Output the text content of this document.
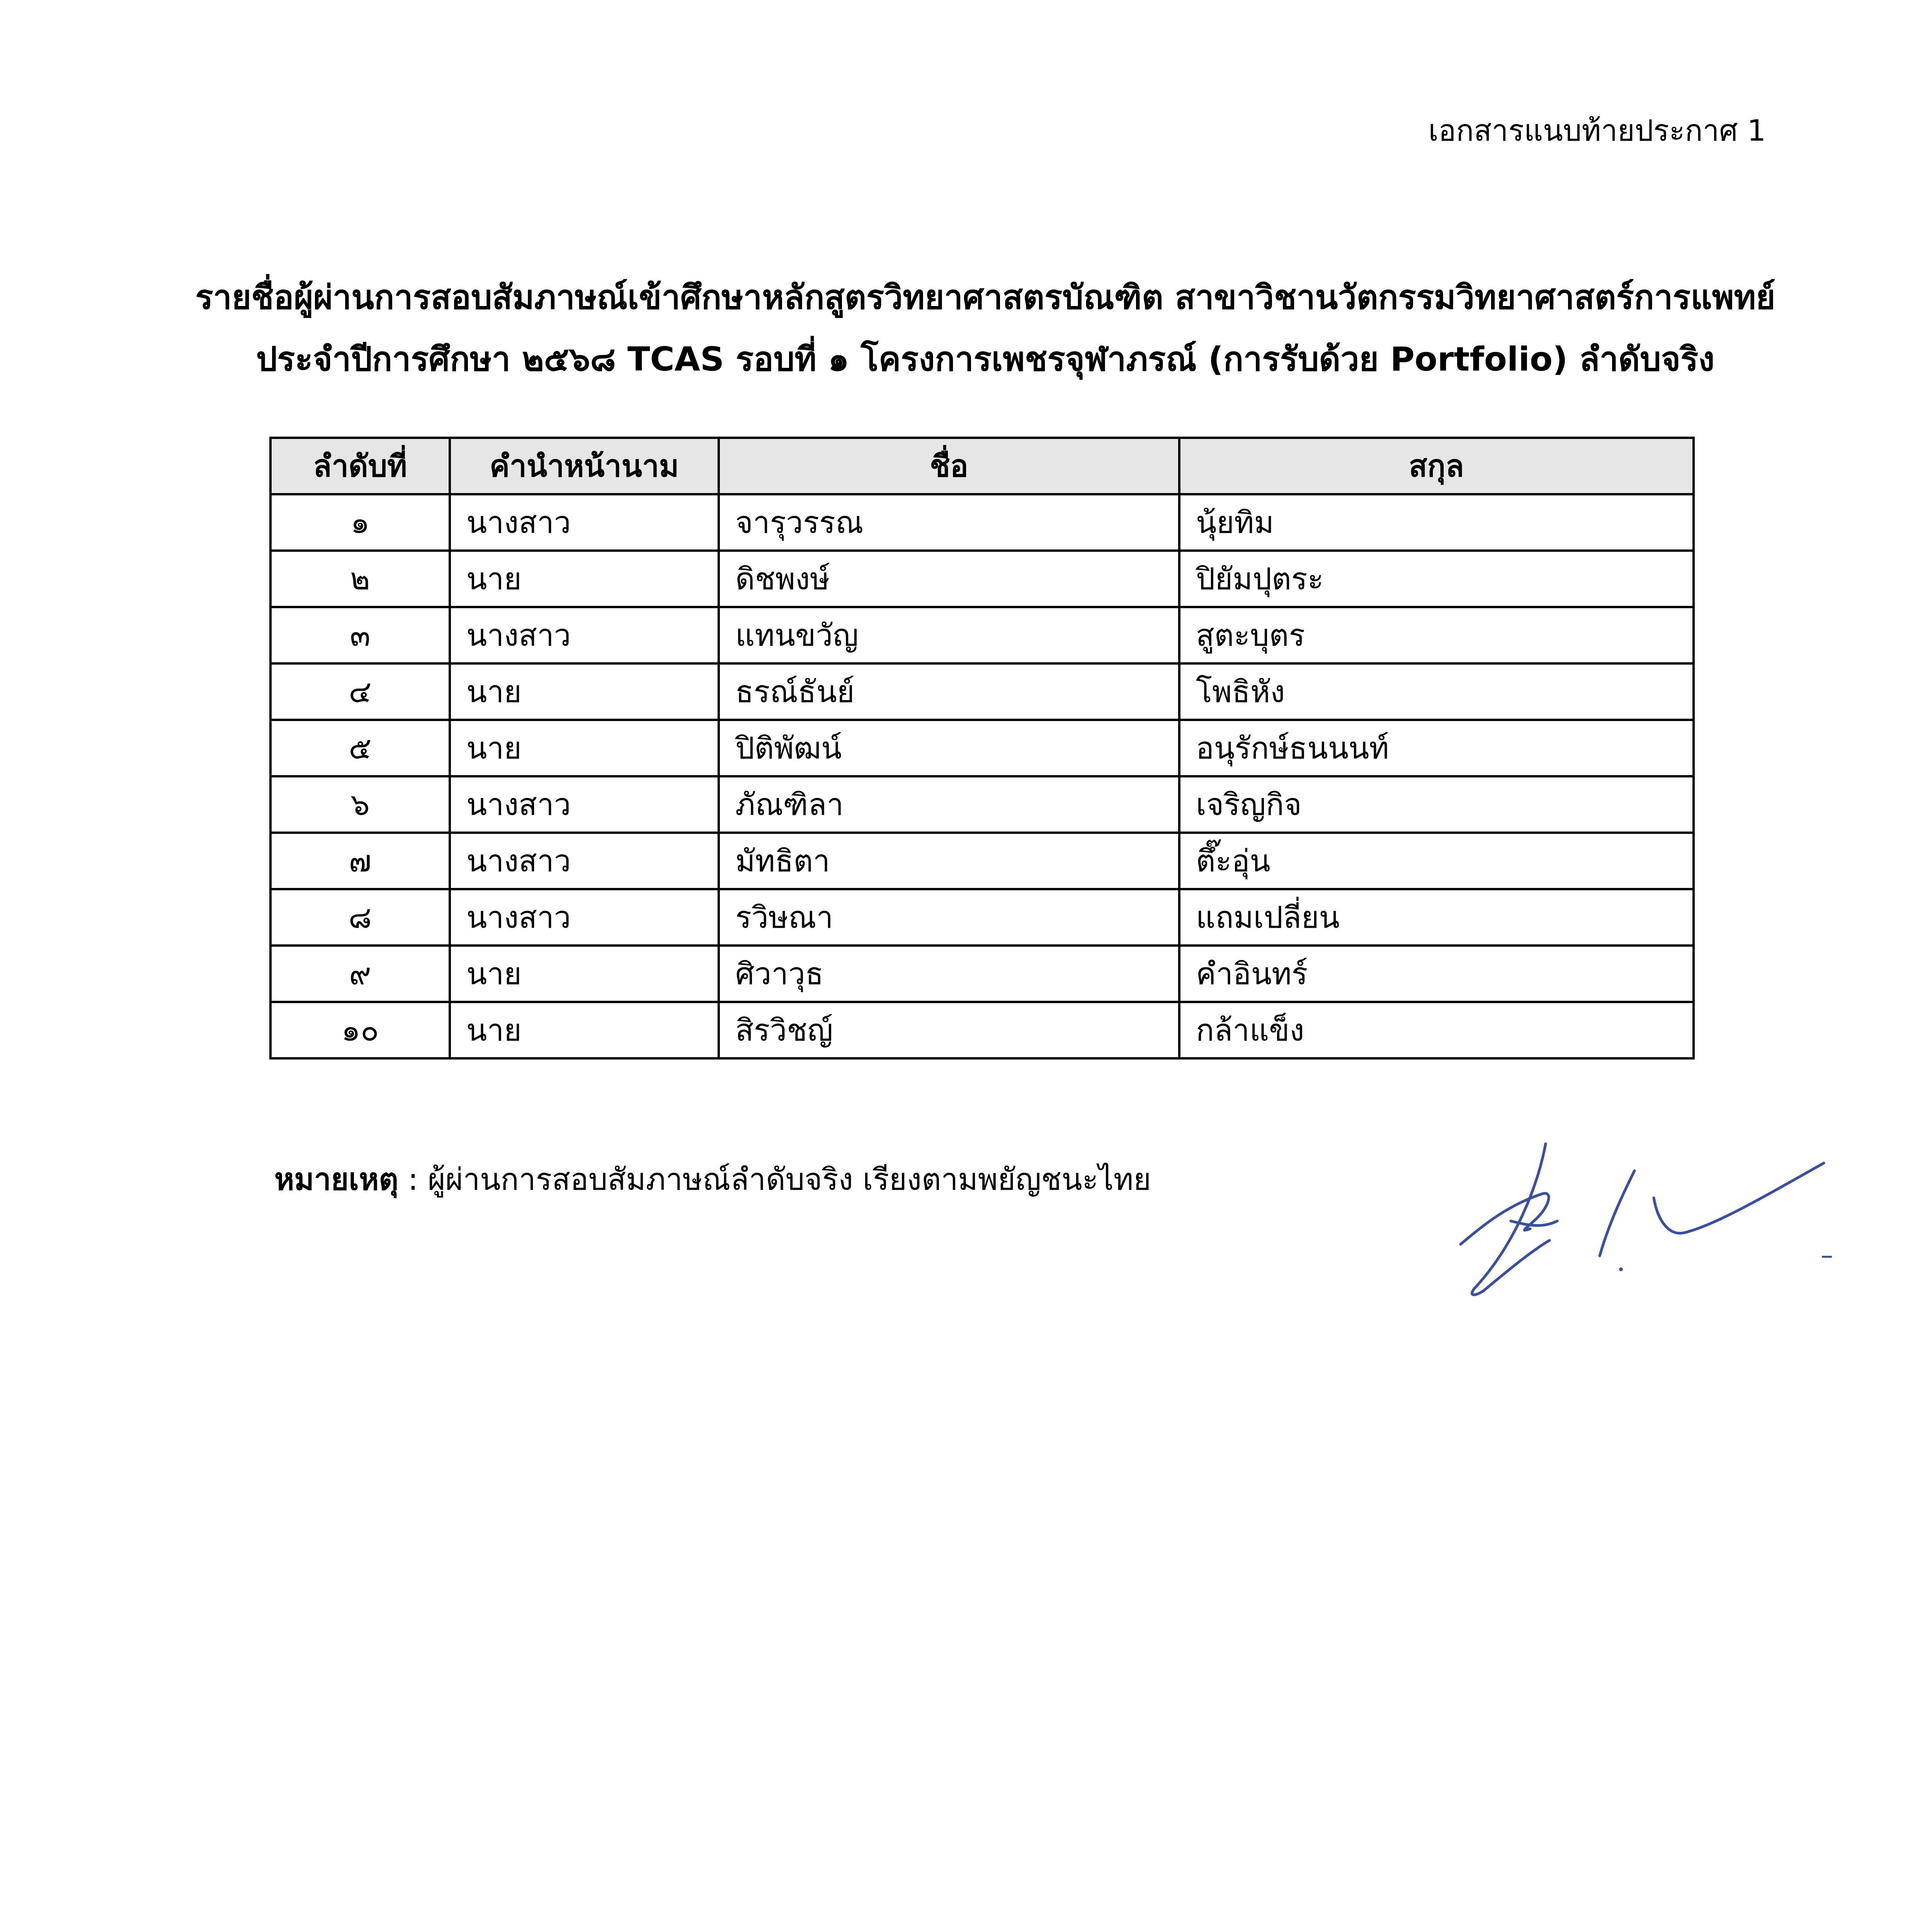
เอกสารแนบท้ายประกาศ 1
รายชื่อผู้ผ่านการสอบสัมภาษณ์เข้าศึกษาหลักสูตรวิทยาศาสตรบัณฑิต สาขาวิชานวัตกรรมวิทยาศาสตร์การแพทย์
ประจำปีการศึกษา ๒๕๖๘ TCAS รอบที่ ๑ โครงการเพชรจุฬาภรณ์ (การรับด้วย Portfolio) ลำดับจริง
ลำดับที่	คำนำหน้านาม	ชื่อ	สกุล
๑	นางสาว	จารุวรรณ	นุ้ยทิม
๒	นาย	ดิชพงษ์	ปิยัมปุตระ
๓	นางสาว	แทนขวัญ	สูตะบุตร
๔	นาย	ธรณ์ธันย์	โพธิหัง
๕	นาย	ปิติพัฒน์	อนุรักษ์ธนนนท์
๖	นางสาว	ภัณฑิลา	เจริญกิจ
๗	นางสาว	มัทธิตา	ตึ๊ะอุ่น
๘	นางสาว	รวิษณา	แถมเปลี่ยน
๙	นาย	ศิวาวุธ	คำอินทร์
๑๐	นาย	สิรวิชญ์	กล้าแข็ง
หมายเหตุ : ผู้ผ่านการสอบสัมภาษณ์ลำดับจริง เรียงตามพยัญชนะไทย
